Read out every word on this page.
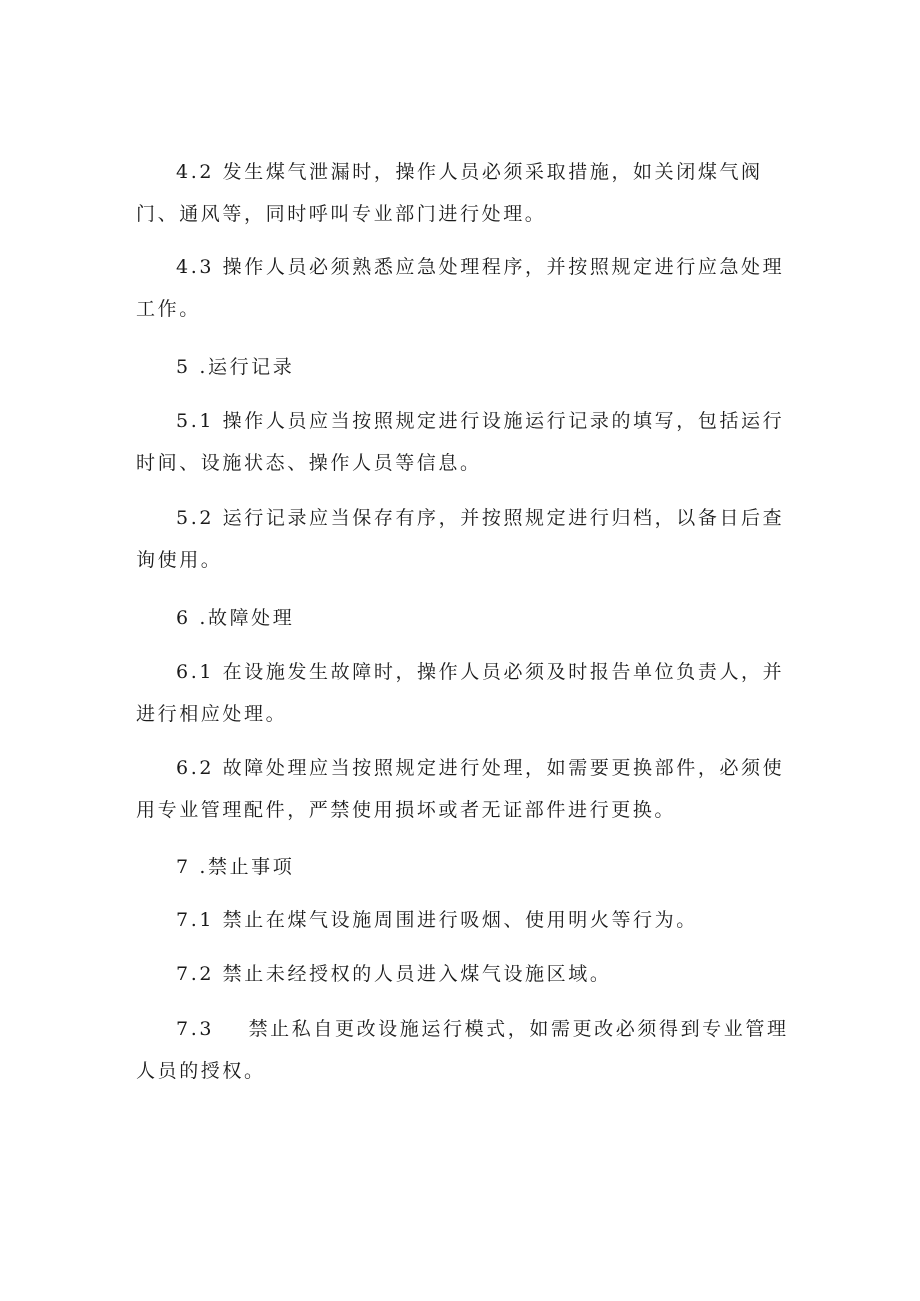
4.2 发生煤气泄漏时，操作人员必须采取措施，如关闭煤气阀门、通风等，同时呼叫专业部门进行处理。

4.3 操作人员必须熟悉应急处理程序，并按照规定进行应急处理工作。

5 .运行记录

5.1 操作人员应当按照规定进行设施运行记录的填写，包括运行时间、设施状态、操作人员等信息。

5.2 运行记录应当保存有序，并按照规定进行归档，以备日后查询使用。

6 .故障处理

6.1 在设施发生故障时，操作人员必须及时报告单位负责人，并进行相应处理。

6.2 故障处理应当按照规定进行处理，如需要更换部件，必须使用专业管理配件，严禁使用损坏或者无证部件进行更换。

7 .禁止事项

7.1 禁止在煤气设施周围进行吸烟、使用明火等行为。

7.2 禁止未经授权的人员进入煤气设施区域。

7.3    禁止私自更改设施运行模式，如需更改必须得到专业管理人员的授权。
